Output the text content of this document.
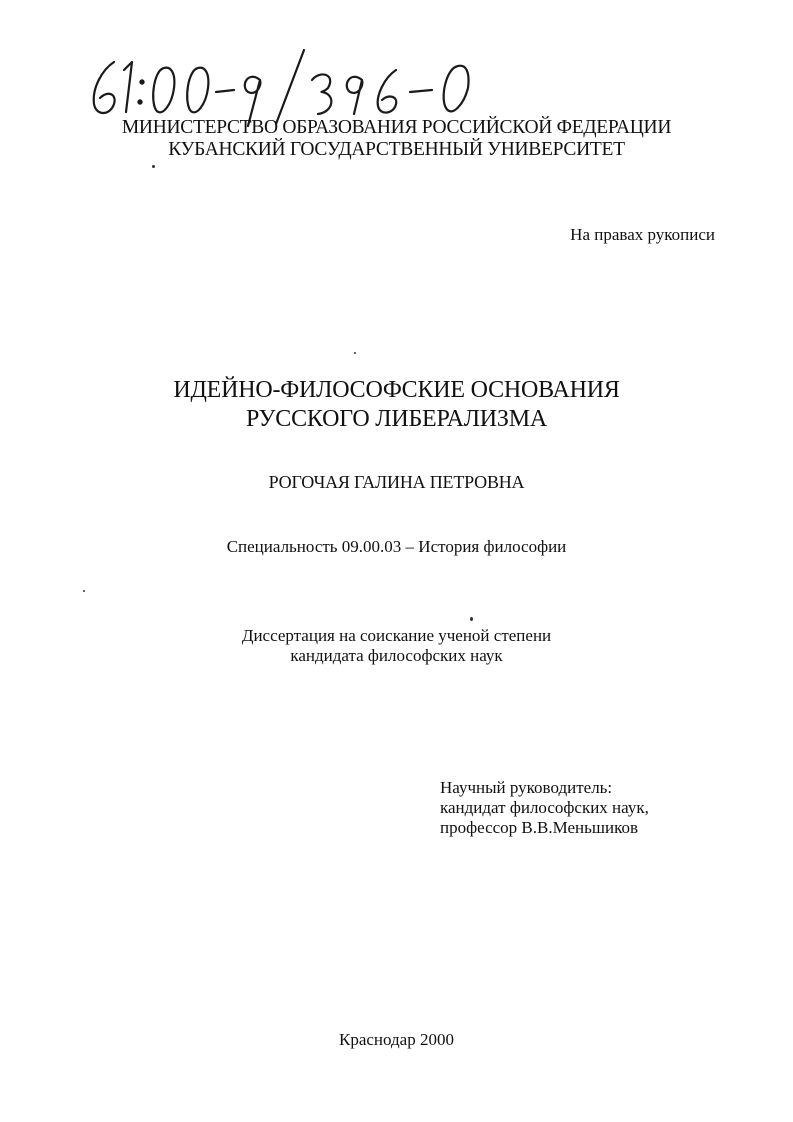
МИНИСТЕРСТВО ОБРАЗОВАНИЯ РОССИЙСКОЙ ФЕДЕРАЦИИ
КУБАНСКИЙ ГОСУДАРСТВЕННЫЙ УНИВЕРСИТЕТ
На правах рукописи
ИДЕЙНО-ФИЛОСОФСКИЕ ОСНОВАНИЯ
РУССКОГО ЛИБЕРАЛИЗМА
РОГОЧАЯ ГАЛИНА ПЕТРОВНА
Специальность 09.00.03 – История философии
Диссертация на соискание ученой степени
кандидата философских наук
Научный руководитель:
кандидат философских наук,
профессор В.В.Меньшиков
Краснодар 2000
